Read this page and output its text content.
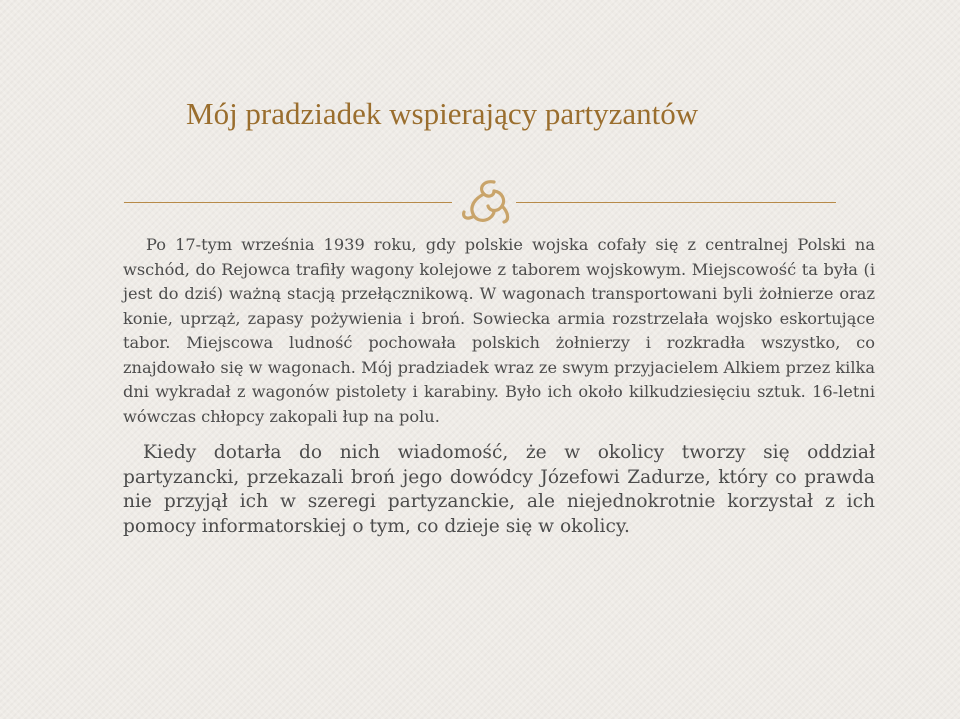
Mój pradziadek wspierający partyzantów

Po 17-tym września 1939 roku, gdy polskie wojska cofały się z centralnej Polski na wschód, do Rejowca trafiły wagony kolejowe z taborem wojskowym. Miejscowość ta była (i jest do dziś) ważną stacją przełącznikową. W wagonach transportowani byli żołnierze oraz konie, uprząż, zapasy pożywienia i broń. Sowiecka armia rozstrzelała wojsko eskortujące tabor. Miejscowa ludność pochowała polskich żołnierzy i rozkradła wszystko, co znajdowało się w wagonach. Mój pradziadek wraz ze swym przyjacielem Alkiem przez kilka dni wykradał z wagonów pistolety i karabiny. Było ich około kilkudziesięciu sztuk. 16-letni wówczas chłopcy zakopali łup na polu.

Kiedy dotarła do nich wiadomość, że w okolicy tworzy się oddział partyzancki, przekazali broń jego dowódcy Józefowi Zadurze, który co prawda nie przyjął ich w szeregi partyzanckie, ale niejednokrotnie korzystał z ich pomocy informatorskiej o tym, co dzieje się w okolicy.
